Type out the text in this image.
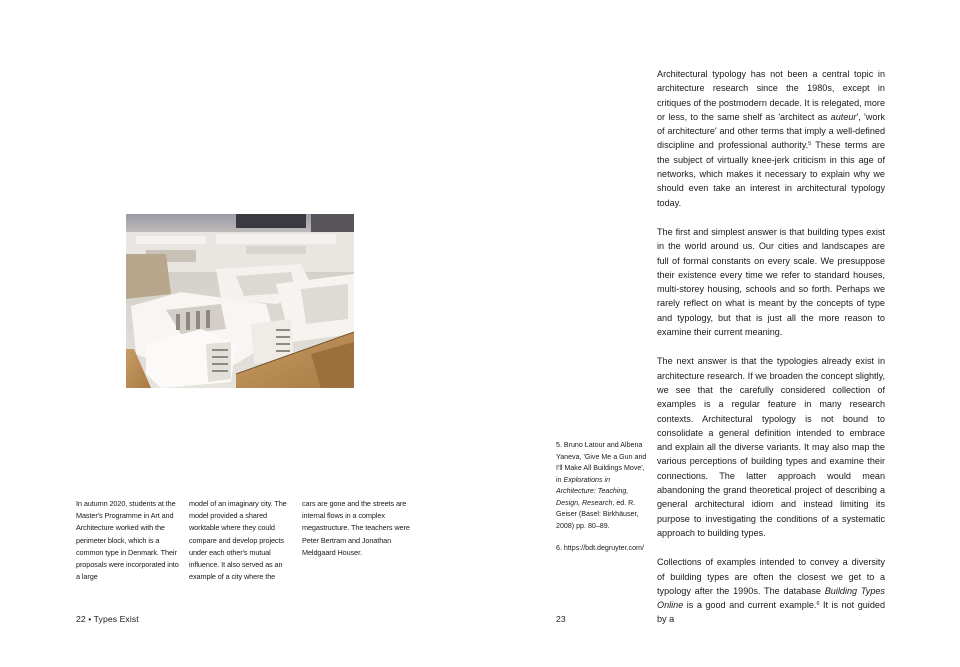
In autumn 2020, students at the Master's Programme in Art and Architecture worked with the perimeter block, which is a common type in Denmark. Their proposals were incorporated into a large

model of an imaginary city. The model provided a shared worktable where they could compare and develop projects under each other's mutual influence. It also served as an example of a city where the

cars are gone and the streets are internal flows in a complex megastructure. The teachers were Peter Bertram and Jonathan Meldgaard Houser.

22 • Types Exist

5. Bruno Latour and Albena Yaneva, 'Give Me a Gun and I'll Make All Buildings Move', in Explorations in Architecture: Teaching, Design, Research, ed. R. Geiser (Basel: Birkhäuser, 2008) pp. 80–89.

6. https://bdt.degruyter.com/

Architectural typology has not been a central topic in architecture research since the 1980s, except in critiques of the postmodern decade. It is relegated, more or less, to the same shelf as 'architect as auteur', 'work of architecture' and other terms that imply a well-defined discipline and professional authority.$^5$ These terms are the subject of virtually knee-jerk criticism in this age of networks, which makes it necessary to explain why we should even take an interest in architectural typology today.

The first and simplest answer is that building types exist in the world around us. Our cities and landscapes are full of formal constants on every scale. We presuppose their existence every time we refer to standard houses, multi-storey housing, schools and so forth. Perhaps we rarely reflect on what is meant by the concepts of type and typology, but that is just all the more reason to examine their current meaning.

The next answer is that the typologies already exist in architecture research. If we broaden the concept slightly, we see that the carefully considered collection of examples is a regular feature in many research contexts. Architectural typology is not bound to consolidate a general definition intended to embrace and explain all the diverse variants. It may also map the various perceptions of building types and examine their connections. The latter approach would mean abandoning the grand theoretical project of describing a general architectural idiom and instead limiting its purpose to investigating the conditions of a systematic approach to building types.

Collections of examples intended to convey a diversity of building types are often the closest we get to a typology after the 1990s. The database Building Types Online is a good and current example.$^6$ It is not guided by a

23
